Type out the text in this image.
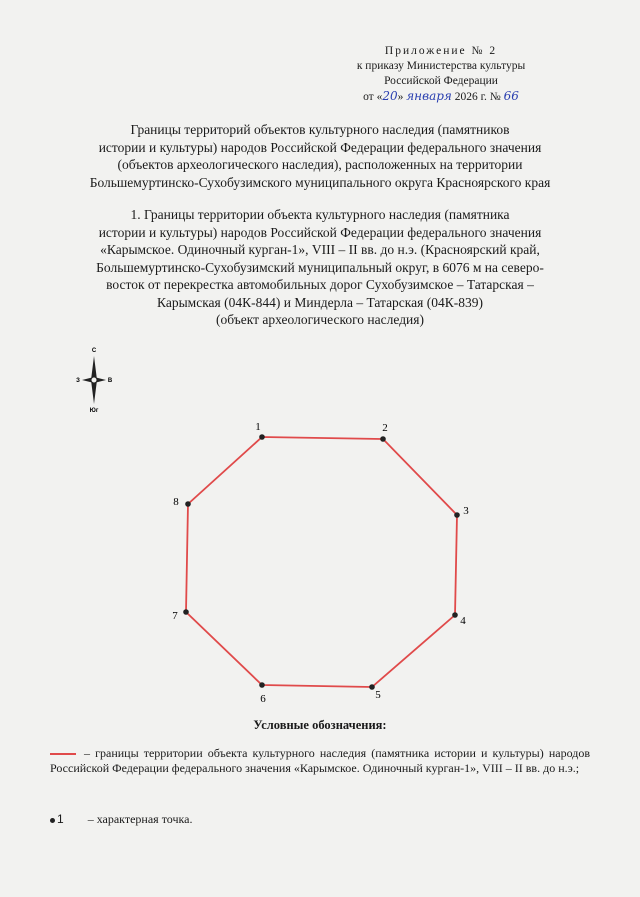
Приложение № 2
к приказу Министерства культуры
Российской Федерации
от «20» января 2026 г. № 66
Границы территорий объектов культурного наследия (памятников
истории и культуры) народов Российской Федерации федерального значения
(объектов археологического наследия), расположенных на территории
Большемуртинско-Сухобузимского муниципального округа Красноярского края
1. Границы территории объекта культурного наследия (памятника
истории и культуры) народов Российской Федерации федерального значения
«Карымское. Одиночный курган-1», VIII – II вв. до н.э. (Красноярский край,
Большемуртинско-Сухобузимский муниципальный округ, в 6076 м на северо-
восток от перекрестка автомобильных дорог Сухобузимское – Татарская –
Карымская (04К-844) и Миндерла – Татарская (04К-839)
(объект археологического наследия)
С
Юг
З	В
1	2
3
4
5
6
7
8
Условные обозначения:
– границы территории объекта культурного наследия (памятника истории и культуры) народов Российской Федерации федерального значения «Карымское. Одиночный курган-1», VIII – II вв. до н.э.;
1 – характерная точка.
